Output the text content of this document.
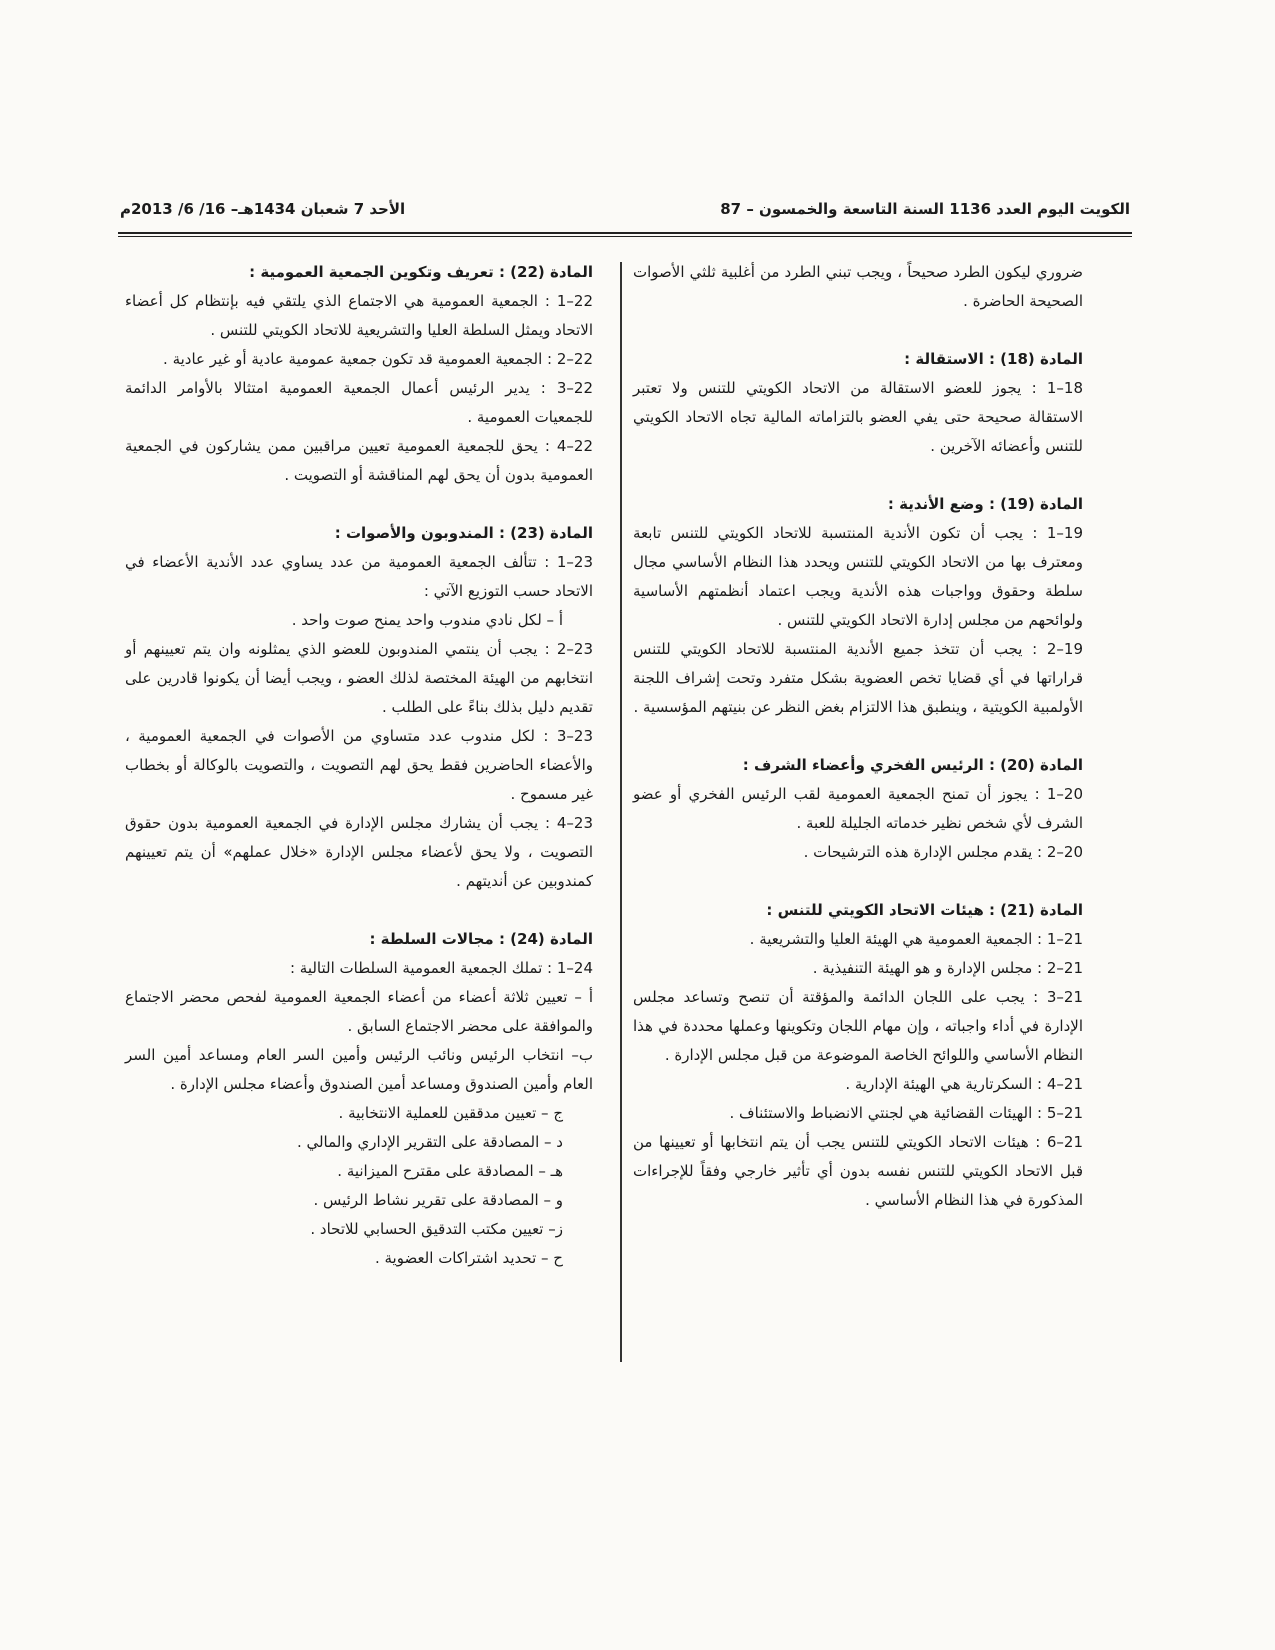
الكويت اليوم العدد 1136 السنة التاسعة والخمسون – 87
الأحد 7 شعبان 1434هـ– 16/ 6/ 2013م

ضروري ليكون الطرد صحيحاً ، ويجب تبني الطرد من أغلبية ثلثي الأصوات الصحيحة الحاضرة .

المادة (18) : الاستقالة :

18–1 : يجوز للعضو الاستقالة من الاتحاد الكويتي للتنس ولا تعتبر الاستقالة صحيحة حتى يفي العضو بالتزاماته المالية تجاه الاتحاد الكويتي للتنس وأعضائه الآخرين .

المادة (19) : وضع الأندية :

19–1 : يجب أن تكون الأندية المنتسبة للاتحاد الكويتي للتنس تابعة ومعترف بها من الاتحاد الكويتي للتنس ويحدد هذا النظام الأساسي مجال سلطة وحقوق وواجبات هذه الأندية ويجب اعتماد أنظمتهم الأساسية ولوائحهم من مجلس إدارة الاتحاد الكويتي للتنس .

19–2 : يجب أن تتخذ جميع الأندية المنتسبة للاتحاد الكويتي للتنس قراراتها في أي قضايا تخص العضوية بشكل متفرد وتحت إشراف اللجنة الأولمبية الكويتية ، وينطبق هذا الالتزام بغض النظر عن بنيتهم المؤسسية .

المادة (20) : الرئيس الفخري وأعضاء الشرف :

20–1 : يجوز أن تمنح الجمعية العمومية لقب الرئيس الفخري أو عضو الشرف لأي شخص نظير خدماته الجليلة للعبة .

20–2 : يقدم مجلس الإدارة هذه الترشيحات .

المادة (21) : هيئات الاتحاد الكويتي للتنس :

21–1 : الجمعية العمومية هي الهيئة العليا والتشريعية .

21–2 : مجلس الإدارة و هو الهيئة التنفيذية .

21–3 : يجب على اللجان الدائمة والمؤقتة أن تنصح وتساعد مجلس الإدارة في أداء واجباته ، وإن مهام اللجان وتكوينها وعملها محددة في هذا النظام الأساسي واللوائح الخاصة الموضوعة من قبل مجلس الإدارة .

21–4 : السكرتارية هي الهيئة الإدارية .

21–5 : الهيئات القضائية هي لجنتي الانضباط والاستئناف .

21–6 : هيئات الاتحاد الكويتي للتنس يجب أن يتم انتخابها أو تعيينها من قبل الاتحاد الكويتي للتنس نفسه بدون أي تأثير خارجي وفقاً للإجراءات المذكورة في هذا النظام الأساسي .

المادة (22) : تعريف وتكوين الجمعية العمومية :

22–1 : الجمعية العمومية هي الاجتماع الذي يلتقي فيه بإنتظام كل أعضاء الاتحاد ويمثل السلطة العليا والتشريعية للاتحاد الكويتي للتنس .

22–2 : الجمعية العمومية قد تكون جمعية عمومية عادية أو غير عادية .

22–3 : يدير الرئيس أعمال الجمعية العمومية امتثالا بالأوامر الدائمة للجمعيات العمومية .

22–4 : يحق للجمعية العمومية تعيين مراقبين ممن يشاركون في الجمعية العمومية بدون أن يحق لهم المناقشة أو التصويت .

المادة (23) : المندوبون والأصوات :

23–1 : تتألف الجمعية العمومية من عدد يساوي عدد الأندية الأعضاء في الاتحاد حسب التوزيع الآتي :

أ – لكل نادي مندوب واحد يمنح صوت واحد .

23–2 : يجب أن ينتمي المندوبون للعضو الذي يمثلونه وان يتم تعيينهم أو انتخابهم من الهيئة المختصة لذلك العضو ، ويجب أيضا أن يكونوا قادرين على تقديم دليل بذلك بناءً على الطلب .

23–3 : لكل مندوب عدد متساوي من الأصوات في الجمعية العمومية ، والأعضاء الحاضرين فقط يحق لهم التصويت ، والتصويت بالوكالة أو بخطاب غير مسموح .

23–4 : يجب أن يشارك مجلس الإدارة في الجمعية العمومية بدون حقوق التصويت ، ولا يحق لأعضاء مجلس الإدارة «خلال عملهم» أن يتم تعيينهم كمندوبين عن أنديتهم .

المادة (24) : مجالات السلطة :

24–1 : تملك الجمعية العمومية السلطات التالية :

أ – تعيين ثلاثة أعضاء من أعضاء الجمعية العمومية لفحص محضر الاجتماع والموافقة على محضر الاجتماع السابق .

ب– انتخاب الرئيس ونائب الرئيس وأمين السر العام ومساعد أمين السر العام وأمين الصندوق ومساعد أمين الصندوق وأعضاء مجلس الإدارة .

ج – تعيين مدققين للعملية الانتخابية .

د – المصادقة على التقرير الإداري والمالي .

هـ – المصادقة على مقترح الميزانية .

و – المصادقة على تقرير نشاط الرئيس .

ز– تعيين مكتب التدقيق الحسابي للاتحاد .

ح – تحديد اشتراكات العضوية .
